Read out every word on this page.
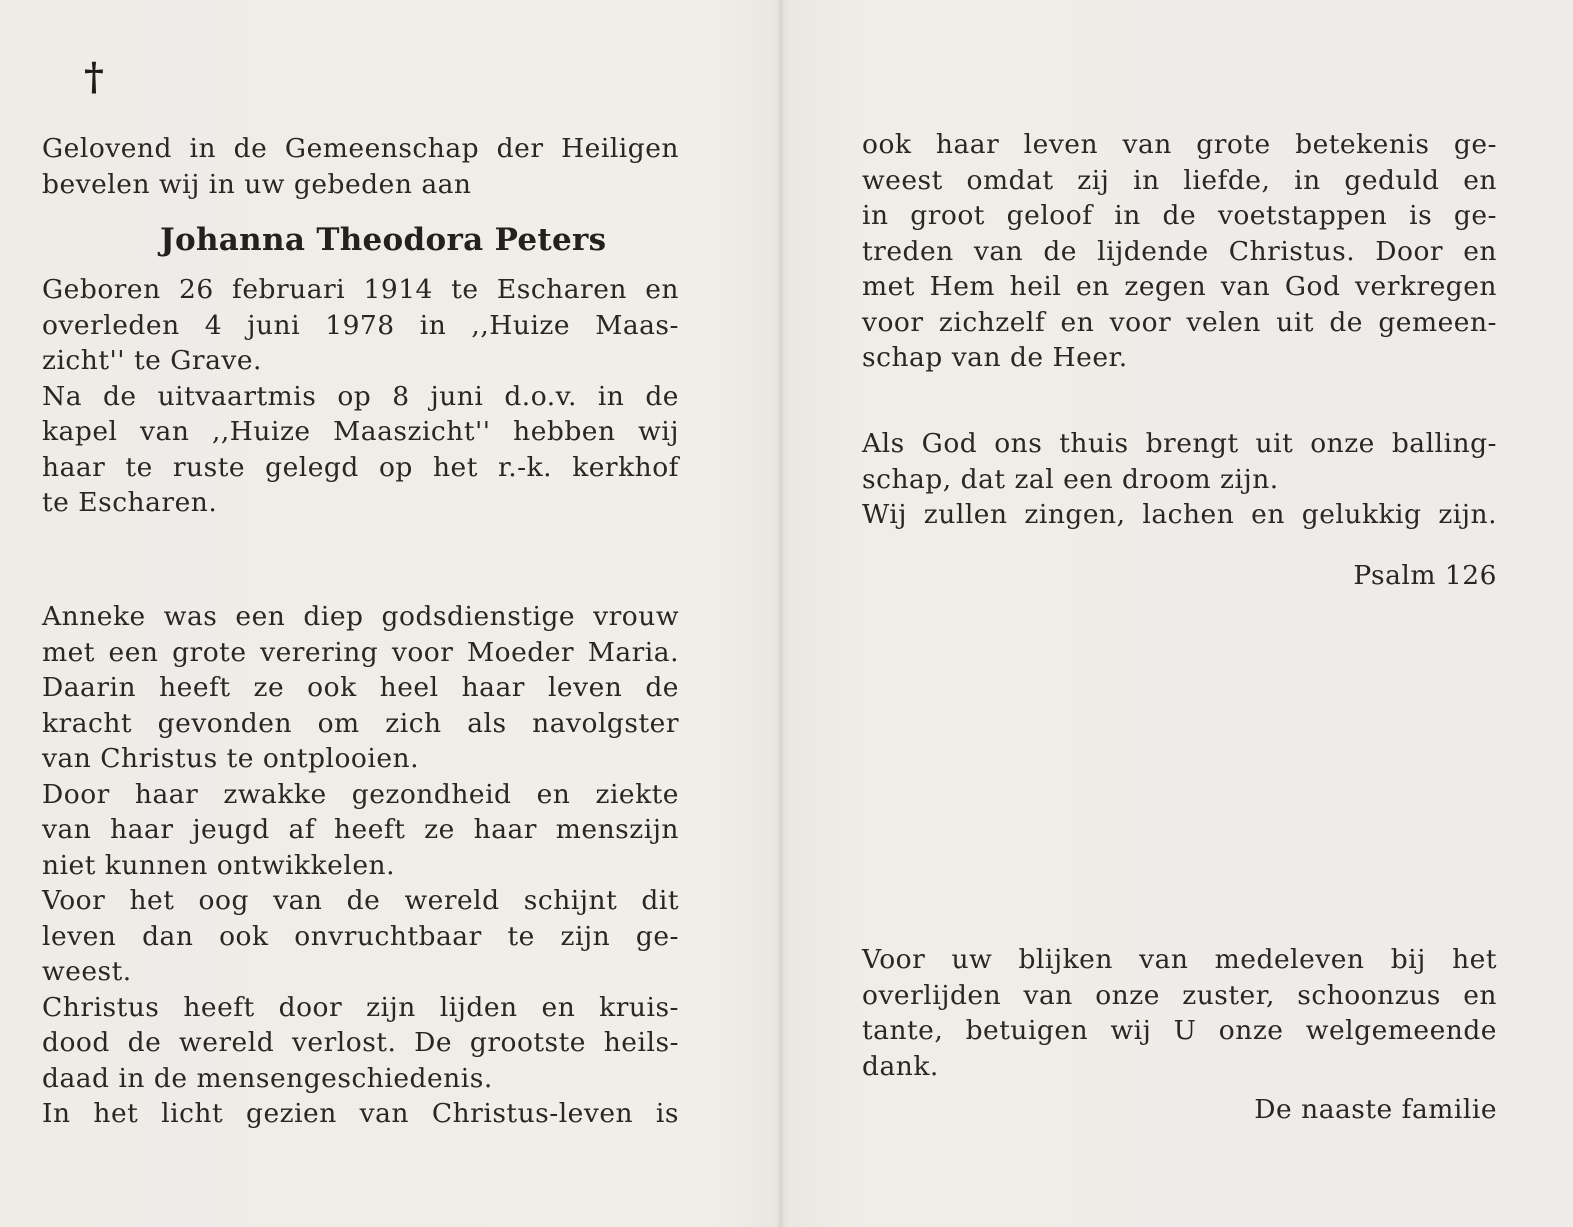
†
Gelovend in de Gemeenschap der Heiligen
bevelen wij in uw gebeden aan
Johanna Theodora Peters
Geboren 26 februari 1914 te Escharen en
overleden 4 juni 1978 in ,,Huize Maas-
zicht'' te Grave.
Na de uitvaartmis op 8 juni d.o.v. in de
kapel van ,,Huize Maaszicht'' hebben wij
haar te ruste gelegd op het r.-k. kerkhof
te Escharen.
Anneke was een diep godsdienstige vrouw
met een grote verering voor Moeder Maria.
Daarin heeft ze ook heel haar leven de
kracht gevonden om zich als navolgster
van Christus te ontplooien.
Door haar zwakke gezondheid en ziekte
van haar jeugd af heeft ze haar menszijn
niet kunnen ontwikkelen.
Voor het oog van de wereld schijnt dit
leven dan ook onvruchtbaar te zijn ge-
weest.
Christus heeft door zijn lijden en kruis-
dood de wereld verlost. De grootste heils-
daad in de mensengeschiedenis.
In het licht gezien van Christus-leven is
ook haar leven van grote betekenis ge-
weest omdat zij in liefde, in geduld en
in groot geloof in de voetstappen is ge-
treden van de lijdende Christus. Door en
met Hem heil en zegen van God verkregen
voor zichzelf en voor velen uit de gemeen-
schap van de Heer.
Als God ons thuis brengt uit onze balling-
schap, dat zal een droom zijn.
Wij zullen zingen, lachen en gelukkig zijn.
Psalm 126
Voor uw blijken van medeleven bij het
overlijden van onze zuster, schoonzus en
tante, betuigen wij U onze welgemeende
dank.
De naaste familie
